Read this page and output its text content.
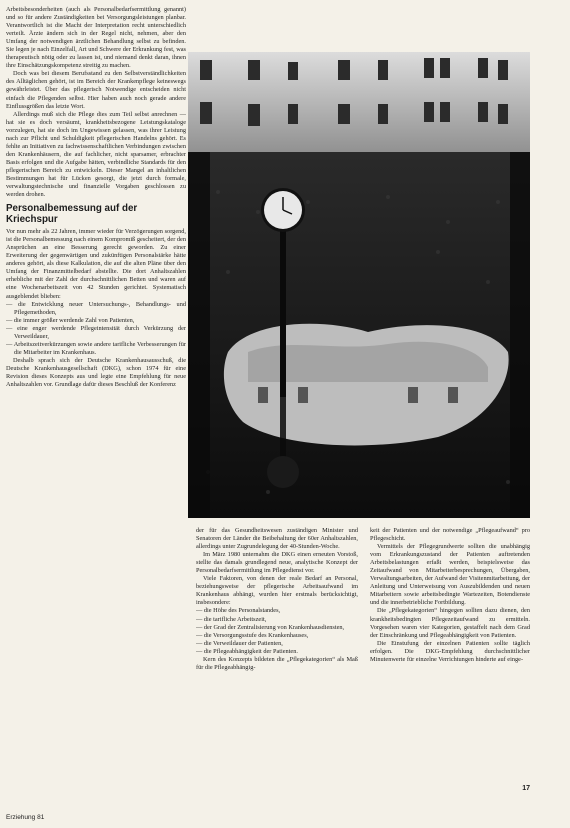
Arbeitsbesonderheiten (auch als Personalbedarfsermittlung genannt) und so für andere Zuständigkeiten bei Versorgungsleistungen planbar. Verantwortlich ist die Macht der Interpretation recht unterschiedlich verteilt. Ärzte ändern sich in der Regel nicht, nehmen, aber den Umfang der notwendigen ärztlichen Behandlung selbst zu befinden. Sie legen je nach Einzelfall, Art und Schwere der Erkrankung fest, was therapeutisch nötig oder zu lassen ist, und niemand denkt daran, ihnen ihre Einschätzungskompetenz streitig zu machen.

Doch was bei diesem Berufsstand zu den Selbstverständlichkeiten des Alltäglichen gehört, ist im Bereich der Krankenpflege keineswegs gewährleistet. Über das pflegerisch Notwendige entscheiden nicht einfach die Pflegenden selbst. Hier haben auch noch gerade andere Einflussgrößen das letzte Wort.

Allerdings muß sich die Pflege dies zum Teil selbst anrechnen — hat sie es doch versäumt, krankheitsbezogene Leistungskataloge vorzulegen, hat sie doch im Ungewissen gelassen, was ihrer Leistung nach zur Pflicht und Schuldigkeit pflegerischen Handelns gehört. Es fehlte an Initiativen zu fachwissenschaftlichen Verbindungen zwischen den Krankenhäusern, die auf fachlicher, nicht sparsamer, erbrachter Basis erfolgen und die Aufgabe hätten, verbindliche Standards für den pflegerischen Bereich zu entwickeln. Dieser Mangel an inhaltlichen Bestimmungen hat für Lücken gesorgt, die jetzt durch formale, verwaltungstechnische und finanzielle Vorgaben geschlossen zu werden drohen.

Personalbemessung auf der Kriechspur

Vor nun mehr als 22 Jahren, immer wieder für Verzögerungen sorgend, ist die Personalbemessung nach einem Kompromiß gescheitert, der den Ansprüchen an eine Besserung gerecht geworden. Zu einer Erweiterung der gegenwärtigen und zukünftigen Personalstärke hätte anderes gehört, als diese Kalkulation, die auf die alten Pläne über den Umfang der Finanzmittelbedarf abstellte. Die dort Anhaltszahlen erhebliche mit der Zahl der durchschnittlichen Betten und waren auf eine Wochenarbeitszeit von 42 Stunden gerichtet. Systematisch ausgeblendet blieben:

— die Entwicklung neuer Untersuchungs-, Behandlungs- und Pflegemethoden,
— die immer größer werdende Zahl von Patienten,
— eine enger werdende Pflegeintensität durch Verkürzung der Verweildauer,
— Arbeitszeitverkürzungen sowie andere tarifliche Verbesserungen für die Mitarbeiter im Krankenhaus.

Deshalb sprach sich der Deutsche Krankenhausausschuß, die Deutsche Krankenhausgesellschaft (DKG), schon 1974 für eine Revision dieses Konzepts aus und legte eine Empfehlung für neue Anhaltszahlen vor. Grundlage dafür dieses Beschluß der Konferenz

der für das Gesundheitswesen zuständigen Minister und Senatoren der Länder die Beibehaltung der 60er Anhaltszahlen, allerdings unter Zugrundelegung der 40-Stunden-Woche.

Im März 1980 unternahm die DKG einen erneuten Vorstoß, stellte das damals grundlegend neue, analytische Konzept der Personalbedarfsermittlung im Pflegedienst vor.

Viele Faktoren, von denen der reale Bedarf an Personal, beziehungsweise der pflegerische Arbeitsaufwand im Krankenhaus abhängt, wurden hier erstmals berücksichtigt, insbesondere:

— die Höhe des Personalstandes,
— die tarifliche Arbeitszeit,
— der Grad der Zentralisierung von Krankenhausdiensten,
— die Versorgungsstufe des Krankenhauses,
— die Verweildauer der Patienten,
— die Pflegeabhängigkeit der Patienten.

Kern des Konzepts bildeten die „Pflegekategorien“ als Maß für die Pflegeabhängig-

keit der Patienten und der notwendige „Pflegeaufwand“ pro Pflegeschicht.

Vermittels der Pflegegrundwerte sollten die unabhängig vom Erkrankungszustand der Patienten auftretenden Arbeitsbelastungen erfaßt werden, beispielsweise das Zeitaufwand von Mitarbeiterbesprechungen, Übergaben, Verwaltungsarbeiten, der Aufwand der Visitenmitarbeitung, der Anleitung und Unterweisung von Auszubildenden und neuen Mitarbeitern sowie arbeitsbedingte Wartezeiten, Botendienste und die innerbetriebliche Fortbildung.

Die „Pflegekategorien“ hingegen sollten dazu dienen, den krankheitsbedingten Pflegezeitaufwand zu ermitteln. Vorgesehen waren vier Kategorien, gestaffelt nach dem Grad der Einschränkung und Pflegeabhängigkeit von Patienten.

Die Einstufung der einzelnen Patienten sollte täglich erfolgen. Die DKG-Empfehlung durchschnittlicher Minutenwerte für einzelne Verrichtungen hinderte auf einge-

Erziehung 81
17
